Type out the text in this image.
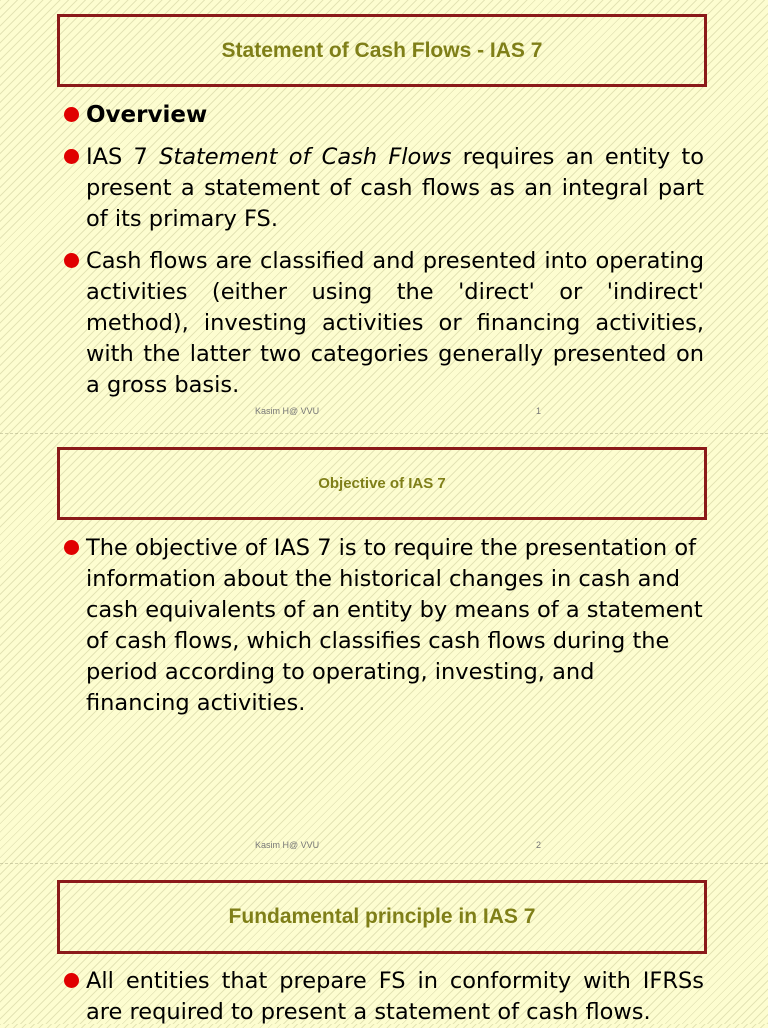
Statement of Cash Flows - IAS 7
Overview
IAS 7 Statement of Cash Flows requires an entity to present a statement of cash flows as an integral part of its primary FS.
Cash flows are classified and presented into operating activities (either using the 'direct' or 'indirect' method), investing activities or financing activities, with the latter two categories generally presented on a gross basis.
Kasim H@ VVU	1
Objective of IAS 7
The objective of IAS 7 is to require the presentation of information about the historical changes in cash and cash equivalents of an entity by means of a statement of cash flows, which classifies cash flows during the period according to operating, investing, and financing activities.
Kasim H@ VVU	2
Fundamental principle in IAS 7
All entities that prepare FS in conformity with IFRSs are required to present a statement of cash flows.
